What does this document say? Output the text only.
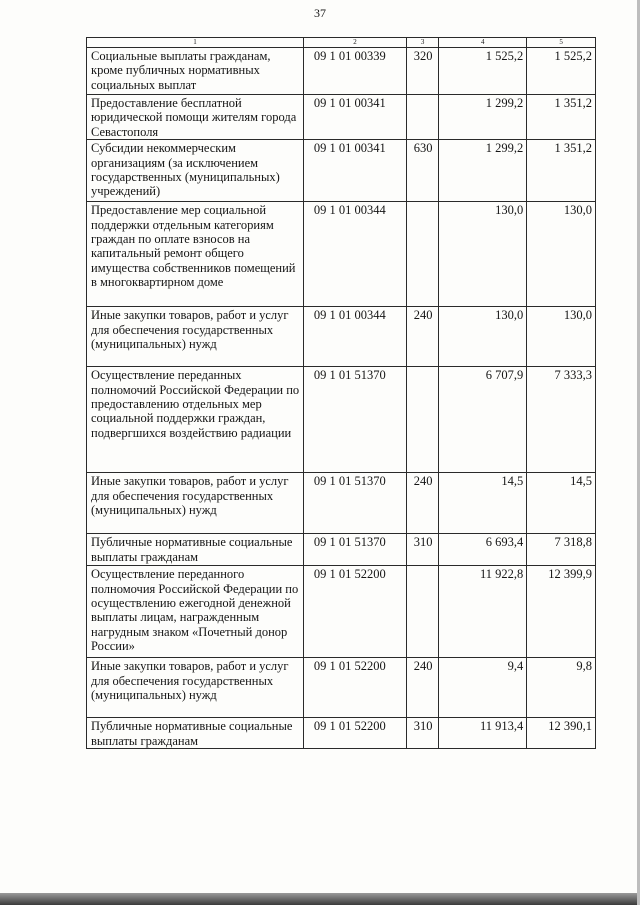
37
1	2	3	4	5
Социальные выплаты гражданам, кроме публичных нормативных социальных выплат	09 1 01 00339	320	1 525,2	1 525,2
Предоставление бесплатной юридической помощи жителям города Севастополя	09 1 01 00341		1 299,2	1 351,2
Субсидии некоммерческим организациям (за исключением государственных (муниципальных) учреждений)	09 1 01 00341	630	1 299,2	1 351,2
Предоставление мер социальной поддержки отдельным категориям граждан по оплате взносов на капитальный ремонт общего имущества собственников помещений в многоквартирном доме	09 1 01 00344		130,0	130,0
Иные закупки товаров, работ и услуг для обеспечения государственных (муниципальных) нужд	09 1 01 00344	240	130,0	130,0
Осуществление переданных полномочий Российской Федерации по предоставлению отдельных мер социальной поддержки граждан, подвергшихся воздействию радиации	09 1 01 51370		6 707,9	7 333,3
Иные закупки товаров, работ и услуг для обеспечения государственных (муниципальных) нужд	09 1 01 51370	240	14,5	14,5
Публичные нормативные социальные выплаты гражданам	09 1 01 51370	310	6 693,4	7 318,8
Осуществление переданного полномочия Российской Федерации по осуществлению ежегодной денежной выплаты лицам, награжденным нагрудным знаком «Почетный донор России»	09 1 01 52200		11 922,8	12 399,9
Иные закупки товаров, работ и услуг для обеспечения государственных (муниципальных) нужд	09 1 01 52200	240	9,4	9,8
Публичные нормативные социальные выплаты гражданам	09 1 01 52200	310	11 913,4	12 390,1
